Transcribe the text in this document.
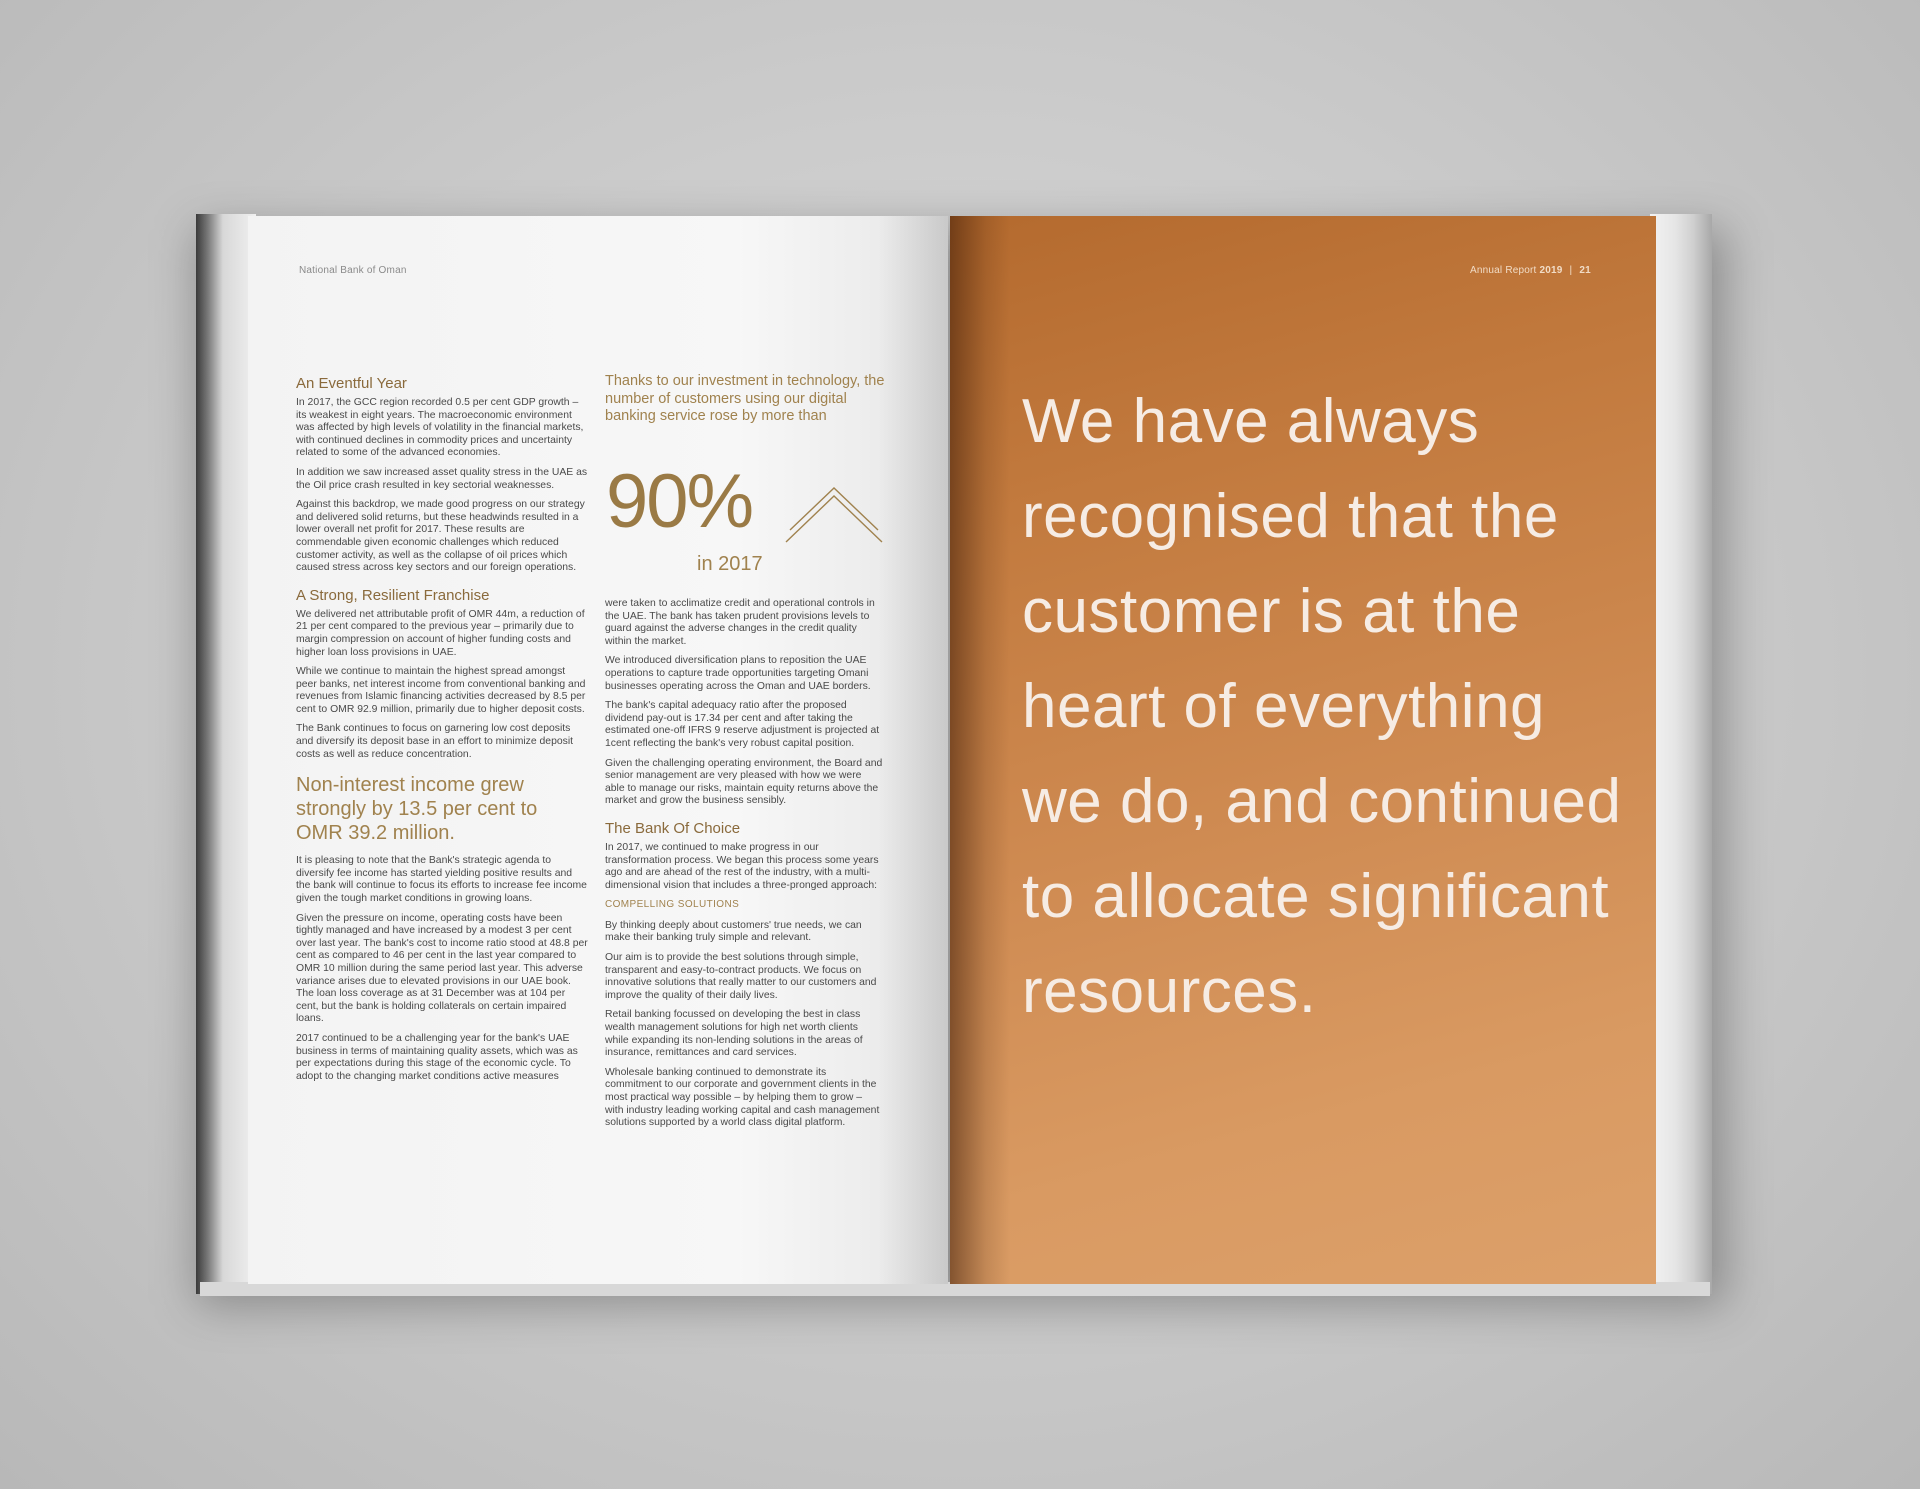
National Bank of Oman	Annual Report 2019 | 21
An Eventful Year

In 2017, the GCC region recorded 0.5 per cent GDP growth – its weakest in eight years. The macroeconomic environment was affected by high levels of volatility in the financial markets, with continued declines in commodity prices and uncertainty related to some of the advanced economies.

In addition we saw increased asset quality stress in the UAE as the Oil price crash resulted in key sectorial weaknesses.

Against this backdrop, we made good progress on our strategy and delivered solid returns, but these headwinds resulted in a lower overall net profit for 2017. These results are commendable given economic challenges which reduced customer activity, as well as the collapse of oil prices which caused stress across key sectors and our foreign operations.

A Strong, Resilient Franchise

We delivered net attributable profit of OMR 44m, a reduction of 21 per cent compared to the previous year – primarily due to margin compression on account of higher funding costs and higher loan loss provisions in UAE.

While we continue to maintain the highest spread amongst peer banks, net interest income from conventional banking and revenues from Islamic financing activities decreased by 8.5 per cent to OMR 92.9 million, primarily due to higher deposit costs.

The Bank continues to focus on garnering low cost deposits and diversify its deposit base in an effort to minimize deposit costs as well as reduce concentration.

Non-interest income grew strongly by 13.5 per cent to OMR 39.2 million.

It is pleasing to note that the Bank's strategic agenda to diversify fee income has started yielding positive results and the bank will continue to focus its efforts to increase fee income given the tough market conditions in growing loans.

Given the pressure on income, operating costs have been tightly managed and have increased by a modest 3 per cent over last year. The bank's cost to income ratio stood at 48.8 per cent as compared to 46 per cent in the last year compared to OMR 10 million during the same period last year. This adverse variance arises due to elevated provisions in our UAE book. The loan loss coverage as at 31 December was at 104 per cent, but the bank is holding collaterals on certain impaired loans.

2017 continued to be a challenging year for the bank's UAE business in terms of maintaining quality assets, which was as per expectations during this stage of the economic cycle. To adopt to the changing market conditions active measures

Thanks to our investment in technology, the number of customers using our digital banking service rose by more than
90%
in 2017

were taken to acclimatize credit and operational controls in the UAE. The bank has taken prudent provisions levels to guard against the adverse changes in the credit quality within the market.

We introduced diversification plans to reposition the UAE operations to capture trade opportunities targeting Omani businesses operating across the Oman and UAE borders.

The bank's capital adequacy ratio after the proposed dividend pay-out is 17.34 per cent and after taking the estimated one-off IFRS 9 reserve adjustment is projected at 1cent reflecting the bank's very robust capital position.

Given the challenging operating environment, the Board and senior management are very pleased with how we were able to manage our risks, maintain equity returns above the market and grow the business sensibly.

The Bank Of Choice

In 2017, we continued to make progress in our transformation process. We began this process some years ago and are ahead of the rest of the industry, with a multi-dimensional vision that includes a three-pronged approach:

COMPELLING SOLUTIONS

By thinking deeply about customers' true needs, we can make their banking truly simple and relevant.

Our aim is to provide the best solutions through simple, transparent and easy-to-contract products. We focus on innovative solutions that really matter to our customers and improve the quality of their daily lives.

Retail banking focussed on developing the best in class wealth management solutions for high net worth clients while expanding its non-lending solutions in the areas of insurance, remittances and card services.

Wholesale banking continued to demonstrate its commitment to our corporate and government clients in the most practical way possible – by helping them to grow – with industry leading working capital and cash management solutions supported by a world class digital platform.

We have always recognised that the customer is at the heart of everything we do, and continued to allocate significant resources.
